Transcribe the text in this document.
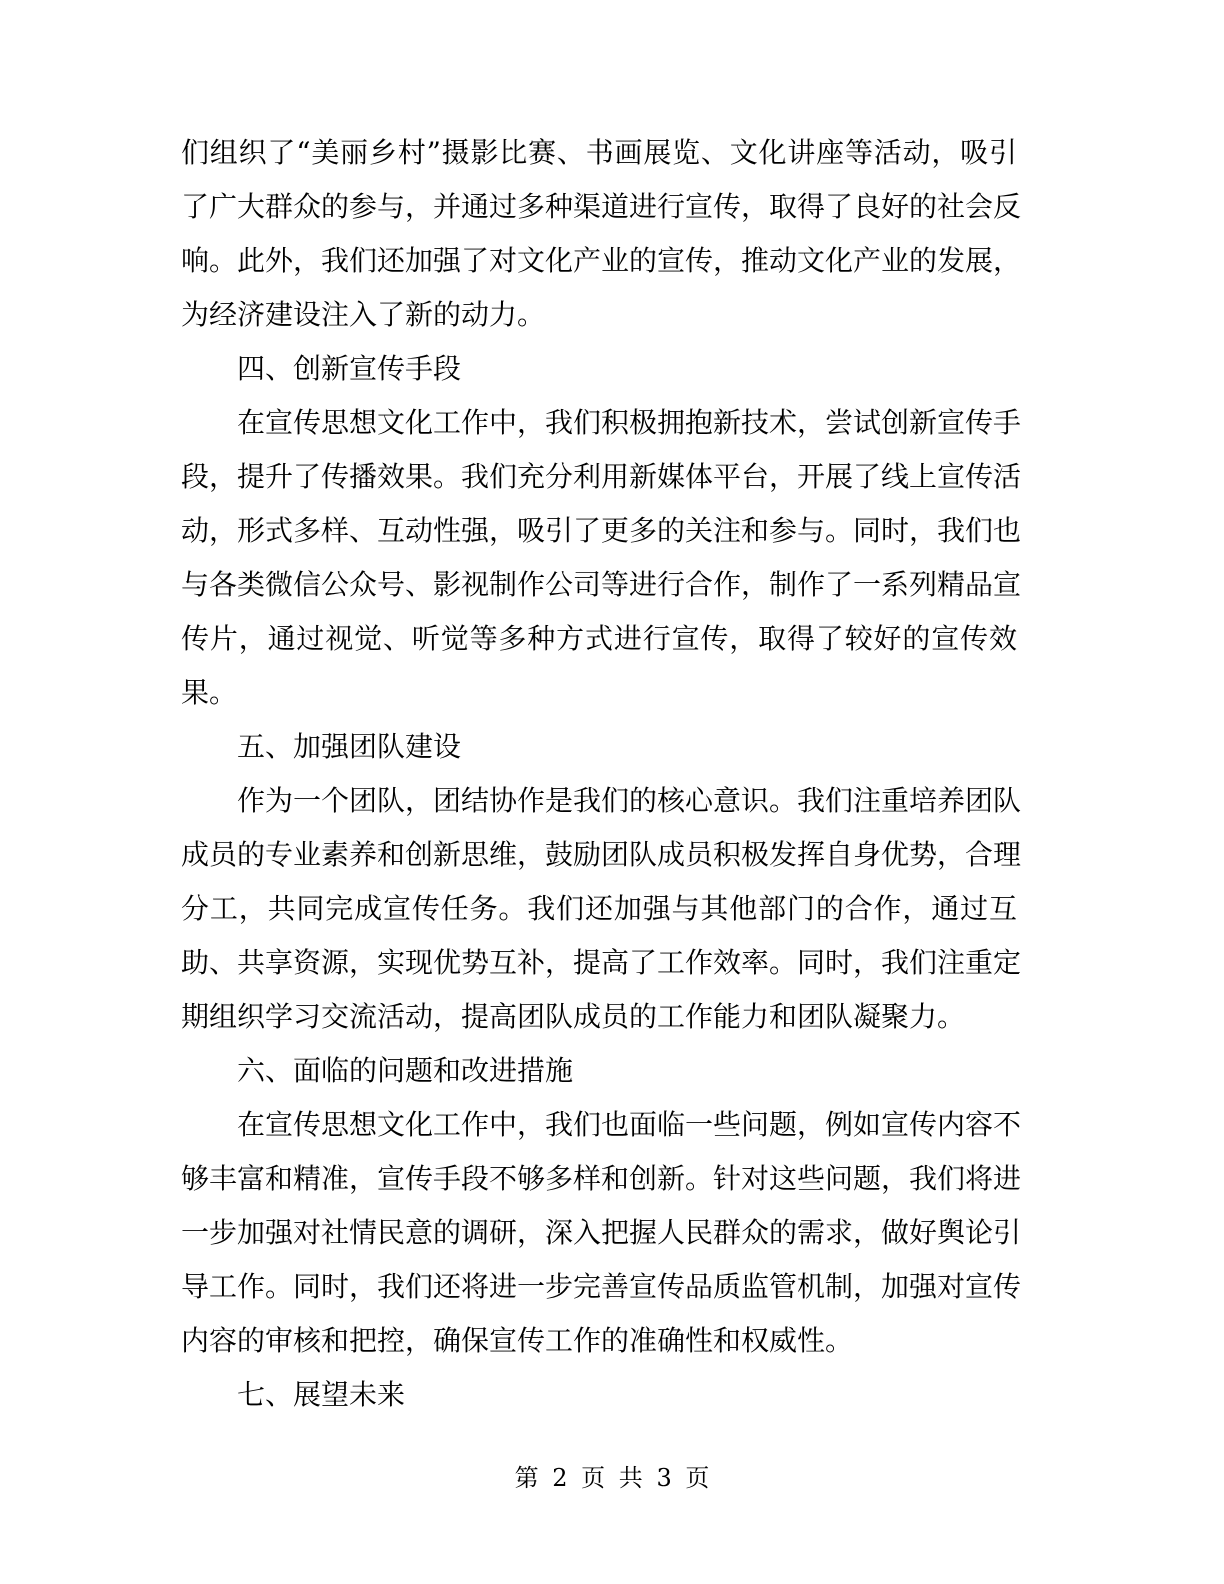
们组织了“美丽乡村”摄影比赛、书画展览、文化讲座等活动，吸引
了广大群众的参与，并通过多种渠道进行宣传，取得了良好的社会反
响。此外，我们还加强了对文化产业的宣传，推动文化产业的发展，
为经济建设注入了新的动力。
四、创新宣传手段
在宣传思想文化工作中，我们积极拥抱新技术，尝试创新宣传手
段，提升了传播效果。我们充分利用新媒体平台，开展了线上宣传活
动，形式多样、互动性强，吸引了更多的关注和参与。同时，我们也
与各类微信公众号、影视制作公司等进行合作，制作了一系列精品宣
传片，通过视觉、听觉等多种方式进行宣传，取得了较好的宣传效
果。
五、加强团队建设
作为一个团队，团结协作是我们的核心意识。我们注重培养团队
成员的专业素养和创新思维，鼓励团队成员积极发挥自身优势，合理
分工，共同完成宣传任务。我们还加强与其他部门的合作，通过互
助、共享资源，实现优势互补，提高了工作效率。同时，我们注重定
期组织学习交流活动，提高团队成员的工作能力和团队凝聚力。
六、面临的问题和改进措施
在宣传思想文化工作中，我们也面临一些问题，例如宣传内容不
够丰富和精准，宣传手段不够多样和创新。针对这些问题，我们将进
一步加强对社情民意的调研，深入把握人民群众的需求，做好舆论引
导工作。同时，我们还将进一步完善宣传品质监管机制，加强对宣传
内容的审核和把控，确保宣传工作的准确性和权威性。
七、展望未来
第 2 页 共 3 页
